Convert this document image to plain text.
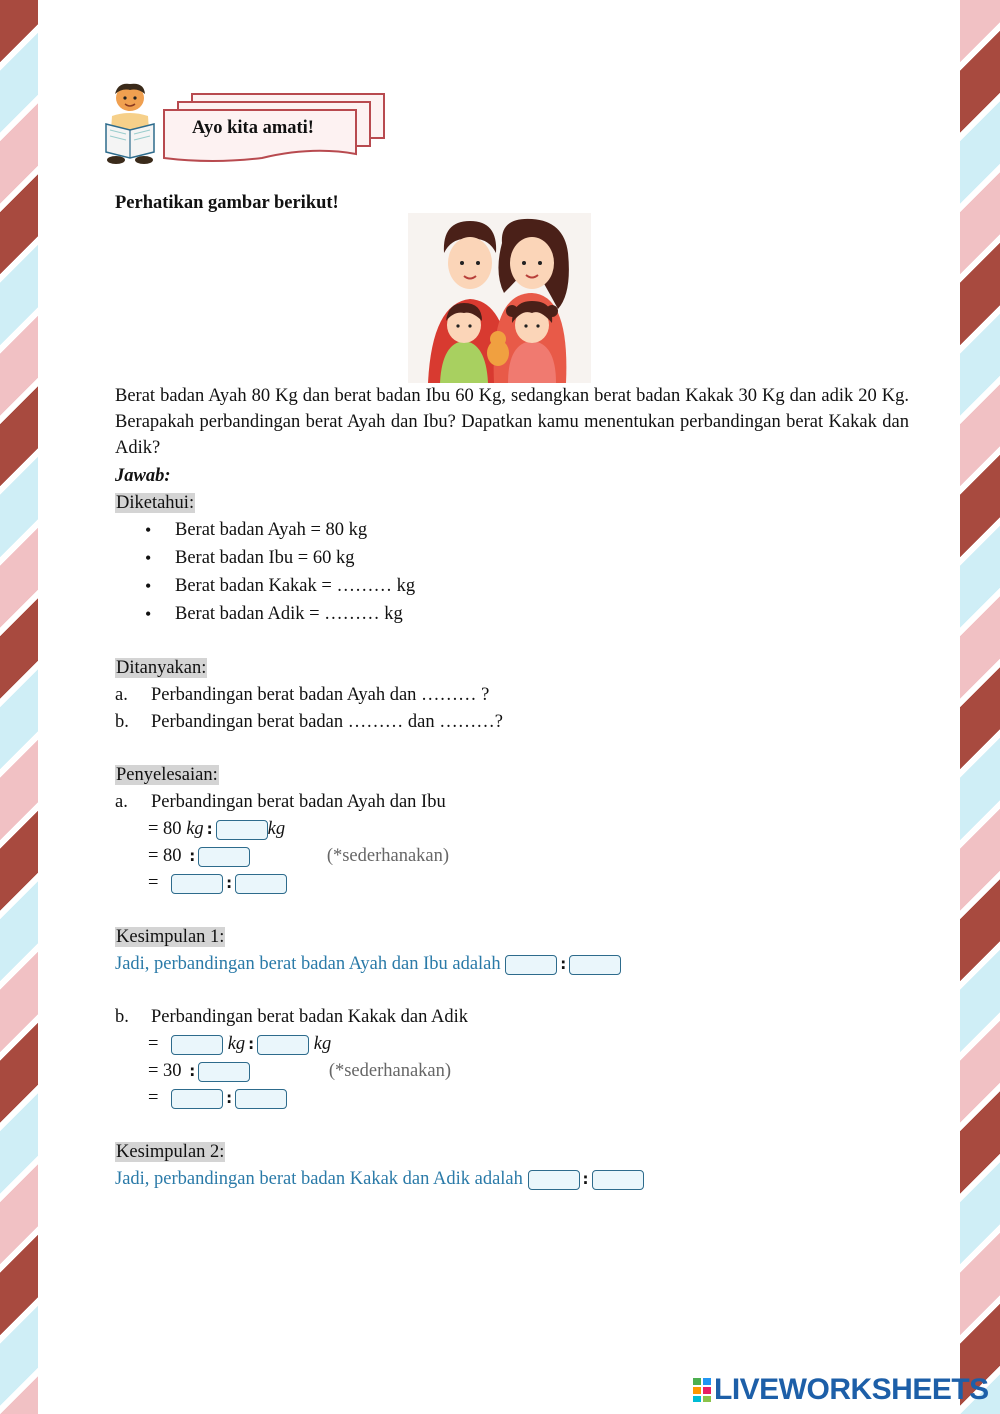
Ayo kita amati!
Perhatikan gambar berikut!
Berat badan Ayah 80 Kg dan berat badan Ibu 60 Kg, sedangkan berat badan Kakak 30 Kg dan adik 20 Kg. Berapakah perbandingan berat Ayah dan Ibu? Dapatkan kamu menentukan perbandingan berat Kakak dan Adik?
Jawab:
Diketahui:
• Berat badan Ayah = 80 kg
• Berat badan Ibu = 60 kg
• Berat badan Kakak = ……… kg
• Berat badan Adik = ……… kg
Ditanyakan:
a. Perbandingan berat badan Ayah dan ……… ?
b. Perbandingan berat badan ……… dan ………?
Penyelesaian:
a. Perbandingan berat badan Ayah dan Ibu
= 80 kg :	kg
= 80 :	(*sederhanakan)
=	:
Kesimpulan 1:
Jadi, perbandingan berat badan Ayah dan Ibu adalah	:
b. Perbandingan berat badan Kakak dan Adik
=	kg :	kg
= 30 :	(*sederhanakan)
=	:
Kesimpulan 2:
Jadi, perbandingan berat badan Kakak dan Adik adalah	:
LIVEWORKSHEETS
